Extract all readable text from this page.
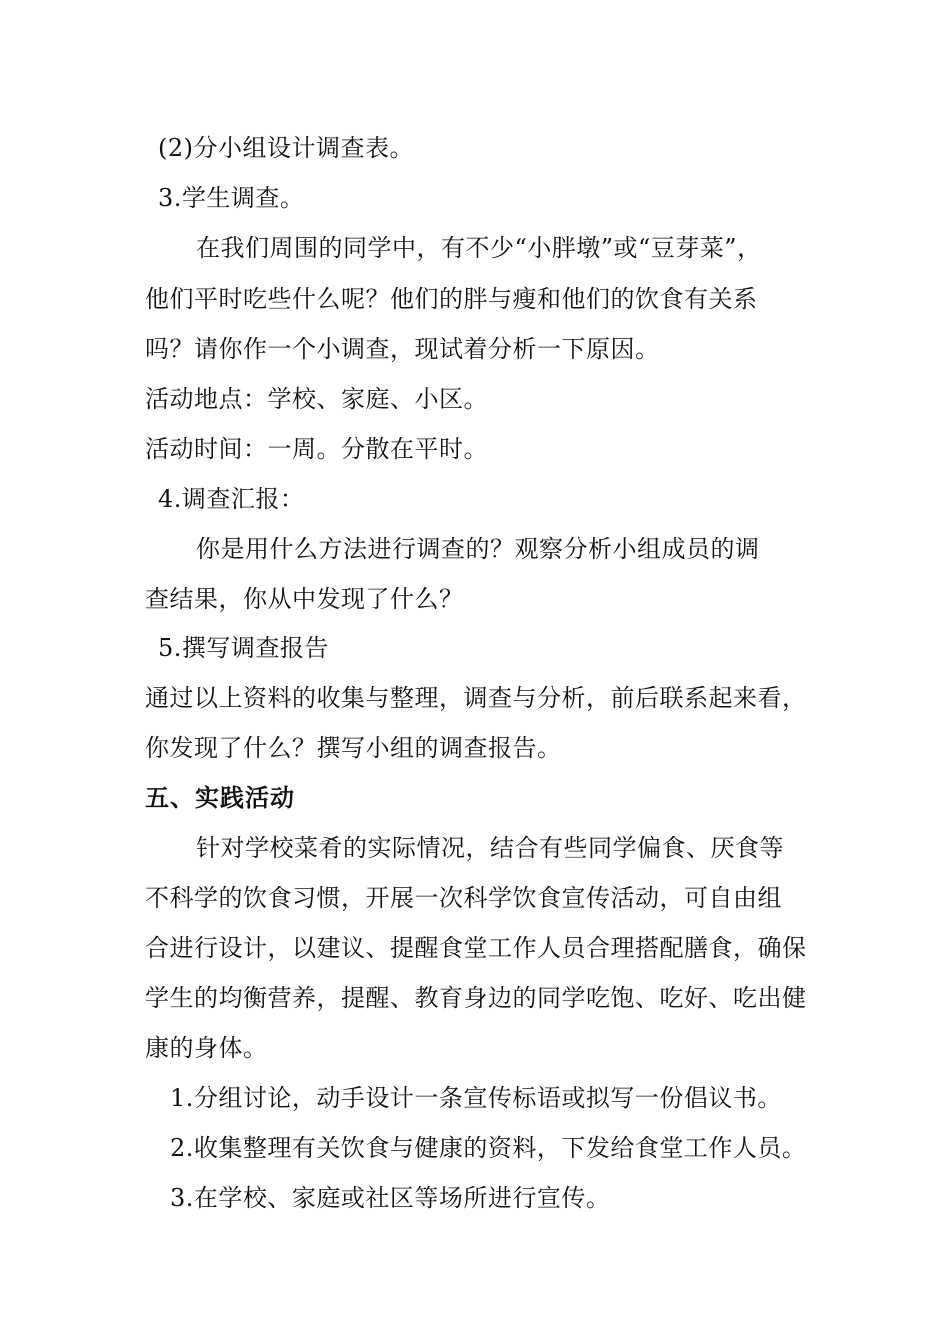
(2)分小组设计调查表。
3.学生调查。
在我们周围的同学中，有不少“小胖墩”或“豆芽菜”，
他们平时吃些什么呢？他们的胖与瘦和他们的饮食有关系
吗？请你作一个小调查，现试着分析一下原因。
活动地点：学校、家庭、小区。
活动时间：一周。分散在平时。
4.调查汇报：
你是用什么方法进行调查的？观察分析小组成员的调
查结果，你从中发现了什么？
5.撰写调查报告
通过以上资料的收集与整理，调查与分析，前后联系起来看，
你发现了什么？撰写小组的调查报告。
五、实践活动
针对学校菜肴的实际情况，结合有些同学偏食、厌食等
不科学的饮食习惯，开展一次科学饮食宣传活动，可自由组
合进行设计，以建议、提醒食堂工作人员合理搭配膳食，确保
学生的均衡营养，提醒、教育身边的同学吃饱、吃好、吃出健
康的身体。
1.分组讨论，动手设计一条宣传标语或拟写一份倡议书。
2.收集整理有关饮食与健康的资料，下发给食堂工作人员。
3.在学校、家庭或社区等场所进行宣传。
